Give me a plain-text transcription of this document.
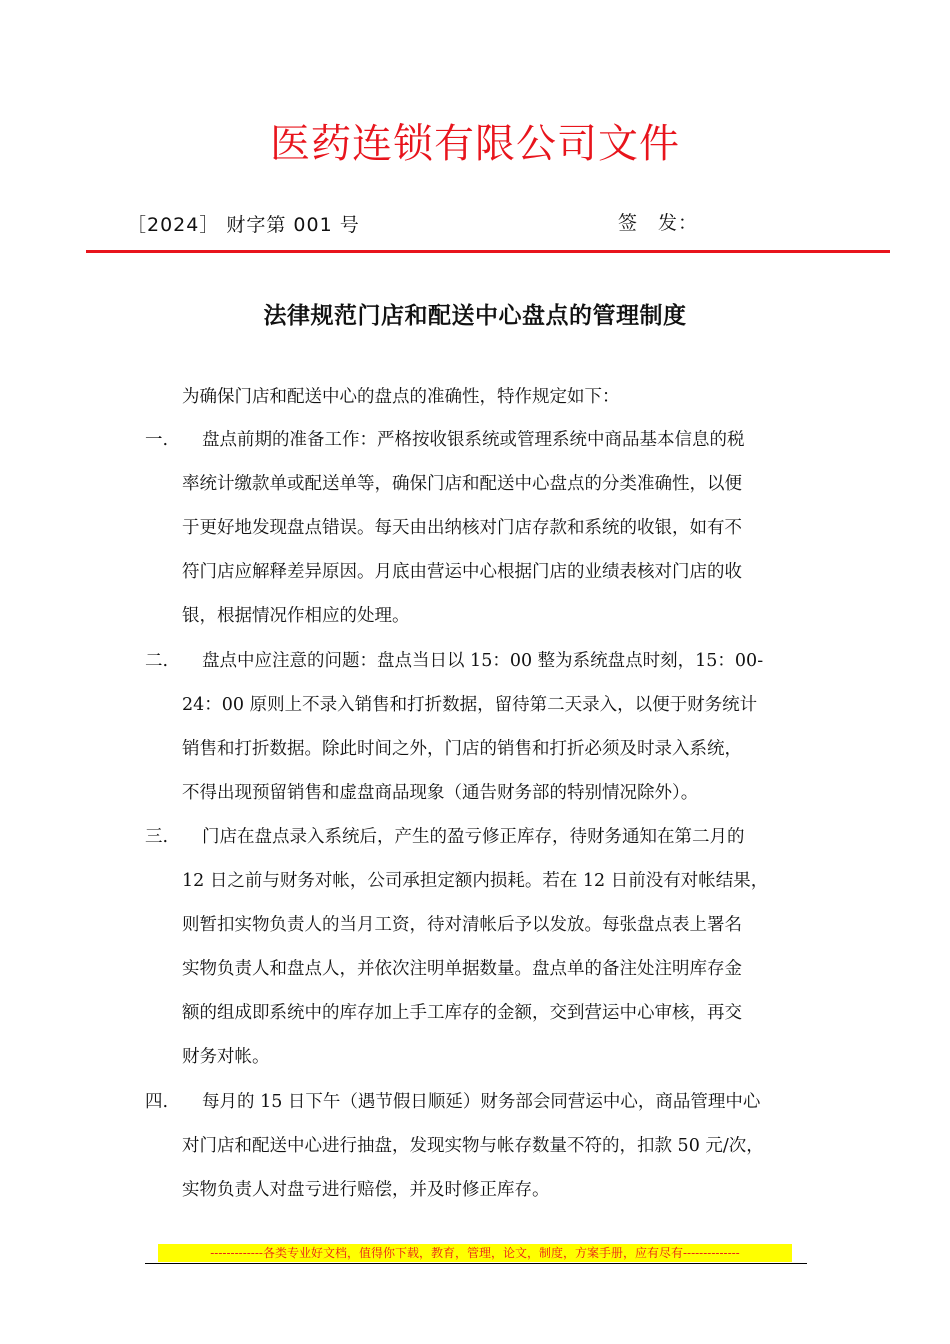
医药连锁有限公司文件
［2024］ 财字第 001 号	签　发：
法律规范门店和配送中心盘点的管理制度
为确保门店和配送中心的盘点的准确性，特作规定如下：
一. 盘点前期的准备工作：严格按收银系统或管理系统中商品基本信息的税
率统计缴款单或配送单等，确保门店和配送中心盘点的分类准确性，以便
于更好地发现盘点错误。每天由出纳核对门店存款和系统的收银，如有不
符门店应解释差异原因。月底由营运中心根据门店的业绩表核对门店的收
银，根据情况作相应的处理。
二. 盘点中应注意的问题：盘点当日以 15：00 整为系统盘点时刻，15：00-
24：00 原则上不录入销售和打折数据，留待第二天录入，以便于财务统计
销售和打折数据。除此时间之外，门店的销售和打折必须及时录入系统，
不得出现预留销售和虚盘商品现象（通告财务部的特别情况除外）。
三. 门店在盘点录入系统后，产生的盈亏修正库存，待财务通知在第二月的
12 日之前与财务对帐，公司承担定额内损耗。若在 12 日前没有对帐结果，
则暂扣实物负责人的当月工资，待对清帐后予以发放。每张盘点表上署名
实物负责人和盘点人，并依次注明单据数量。盘点单的备注处注明库存金
额的组成即系统中的库存加上手工库存的金额，交到营运中心审核，再交
财务对帐。
四. 每月的 15 日下午（遇节假日顺延）财务部会同营运中心，商品管理中心
对门店和配送中心进行抽盘，发现实物与帐存数量不符的，扣款 50 元/次，
实物负责人对盘亏进行赔偿，并及时修正库存。
-------------各类专业好文档，值得你下载，教育，管理，论文，制度，方案手册，应有尽有--------------
